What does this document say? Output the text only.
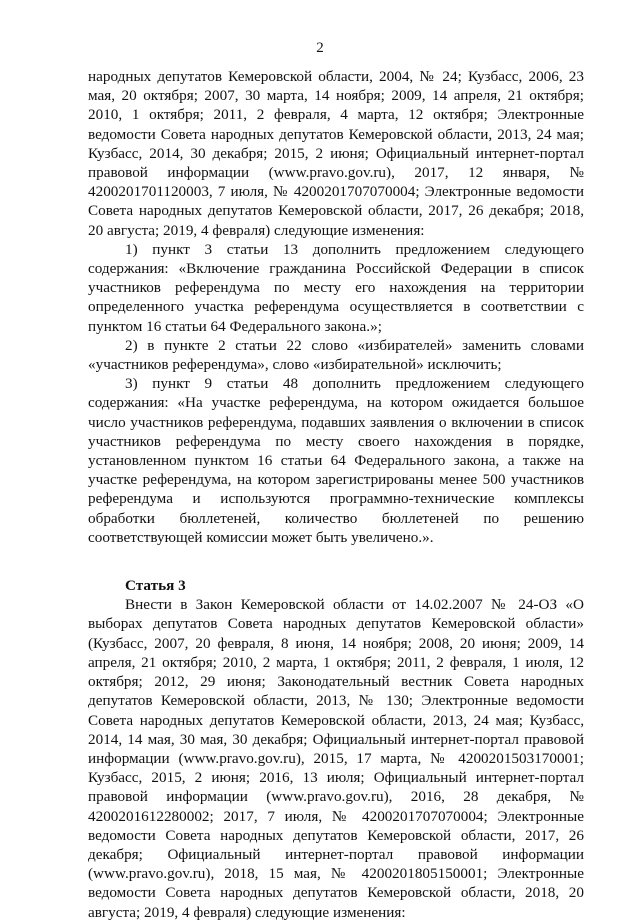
2

народных депутатов Кемеровской области, 2004, № 24; Кузбасс, 2006, 23 мая, 20 октября; 2007, 30 марта, 14 ноября; 2009, 14 апреля, 21 октября; 2010, 1 октября; 2011, 2 февраля, 4 марта, 12 октября; Электронные ведомости Совета народных депутатов Кемеровской области, 2013, 24 мая; Кузбасс, 2014, 30 декабря; 2015, 2 июня; Официальный интернет-портал правовой информации (www.pravo.gov.ru), 2017, 12 января, № 4200201701120003, 7 июля, № 4200201707070004; Электронные ведомости Совета народных депутатов Кемеровской области, 2017, 26 декабря; 2018, 20 августа; 2019, 4 февраля) следующие изменения:

1) пункт 3 статьи 13 дополнить предложением следующего содержания: «Включение гражданина Российской Федерации в список участников референдума по месту его нахождения на территории определенного участка референдума осуществляется в соответствии с пунктом 16 статьи 64 Федерального закона.»;

2) в пункте 2 статьи 22 слово «избирателей» заменить словами «участников референдума», слово «избирательной» исключить;

3) пункт 9 статьи 48 дополнить предложением следующего содержания: «На участке референдума, на котором ожидается большое число участников референдума, подавших заявления о включении в список участников референдума по месту своего нахождения в порядке, установленном пунктом 16 статьи 64 Федерального закона, а также на участке референдума, на котором зарегистрированы менее 500 участников референдума и используются программно-технические комплексы обработки бюллетеней, количество бюллетеней по решению соответствующей комиссии может быть увеличено.».

Статья 3

Внести в Закон Кемеровской области от 14.02.2007 № 24-ОЗ «О выборах депутатов Совета народных депутатов Кемеровской области» (Кузбасс, 2007, 20 февраля, 8 июня, 14 ноября; 2008, 20 июня; 2009, 14 апреля, 21 октября; 2010, 2 марта, 1 октября; 2011, 2 февраля, 1 июля, 12 октября; 2012, 29 июня; Законодательный вестник Совета народных депутатов Кемеровской области, 2013, № 130; Электронные ведомости Совета народных депутатов Кемеровской области, 2013, 24 мая; Кузбасс, 2014, 14 мая, 30 мая, 30 декабря; Официальный интернет-портал правовой информации (www.pravo.gov.ru), 2015, 17 марта, № 4200201503170001; Кузбасс, 2015, 2 июня; 2016, 13 июля; Официальный интернет-портал правовой информации (www.pravo.gov.ru), 2016, 28 декабря, № 4200201612280002; 2017, 7 июля, № 4200201707070004; Электронные ведомости Совета народных депутатов Кемеровской области, 2017, 26 декабря; Официальный интернет-портал правовой информации (www.pravo.gov.ru), 2018, 15 мая, № 4200201805150001; Электронные ведомости Совета народных депутатов Кемеровской области, 2018, 20 августа; 2019, 4 февраля) следующие изменения:
